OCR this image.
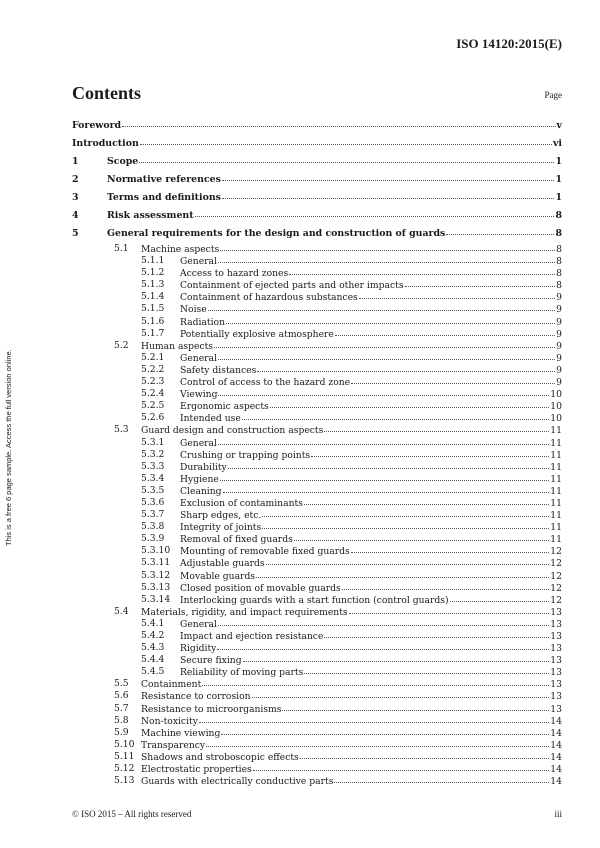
ISO 14120:2015(E)
This is a free 6 page sample. Access the full version online.
Contents	Page
Foreword	v
Introduction	vi
1	Scope	1
2	Normative references	1
3	Terms and definitions	1
4	Risk assessment	8
5	General requirements for the design and construction of guards	8
5.1 Machine aspects	8
5.1.1 General	8
5.1.2 Access to hazard zones	8
5.1.3 Containment of ejected parts and other impacts	8
5.1.4 Containment of hazardous substances	9
5.1.5 Noise	9
5.1.6 Radiation	9
5.1.7 Potentially explosive atmosphere	9
5.2 Human aspects	9
5.2.1 General	9
5.2.2 Safety distances	9
5.2.3 Control of access to the hazard zone	9
5.2.4 Viewing	10
5.2.5 Ergonomic aspects	10
5.2.6 Intended use	10
5.3 Guard design and construction aspects	11
5.3.1 General	11
5.3.2 Crushing or trapping points	11
5.3.3 Durability	11
5.3.4 Hygiene	11
5.3.5 Cleaning	11
5.3.6 Exclusion of contaminants	11
5.3.7 Sharp edges, etc.	11
5.3.8 Integrity of joints	11
5.3.9 Removal of fixed guards	11
5.3.10 Mounting of removable fixed guards	12
5.3.11 Adjustable guards	12
5.3.12 Movable guards	12
5.3.13 Closed position of movable guards	12
5.3.14 Interlocking guards with a start function (control guards)	12
5.4 Materials, rigidity, and impact requirements	13
5.4.1 General	13
5.4.2 Impact and ejection resistance	13
5.4.3 Rigidity	13
5.4.4 Secure fixing	13
5.4.5 Reliability of moving parts	13
5.5 Containment	13
5.6 Resistance to corrosion	13
5.7 Resistance to microorganisms	13
5.8 Non-toxicity	14
5.9 Machine viewing	14
5.10 Transparency	14
5.11 Shadows and stroboscopic effects	14
5.12 Electrostatic properties	14
5.13 Guards with electrically conductive parts	14
© ISO 2015 – All rights reserved	iii
